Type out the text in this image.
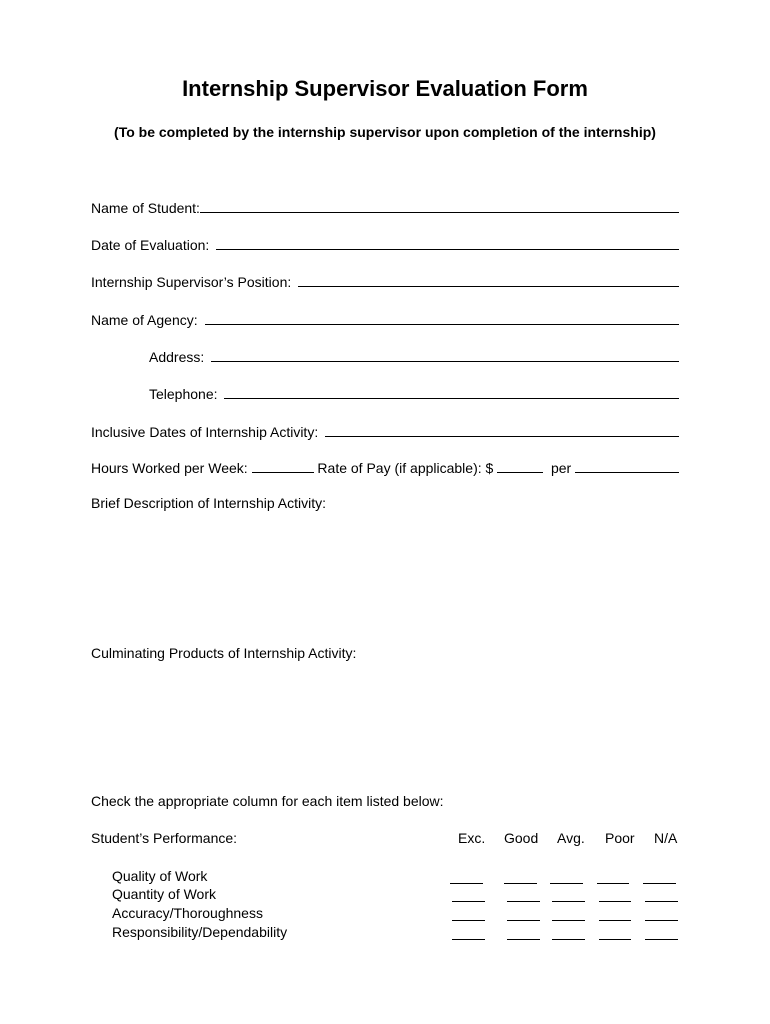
Internship Supervisor Evaluation Form
(To be completed by the internship supervisor upon completion of the internship)
Name of Student:
Date of Evaluation:
Internship Supervisor’s Position:
Name of Agency:
Address:
Telephone:
Inclusive Dates of Internship Activity:
Hours Worked per Week:	Rate of Pay (if applicable): $	per
Brief Description of Internship Activity:
Culminating Products of Internship Activity:
Check the appropriate column for each item listed below:
Student’s Performance:	Exc. Good Avg. Poor N/A
Quality of Work
Quantity of Work
Accuracy/Thoroughness
Responsibility/Dependability
